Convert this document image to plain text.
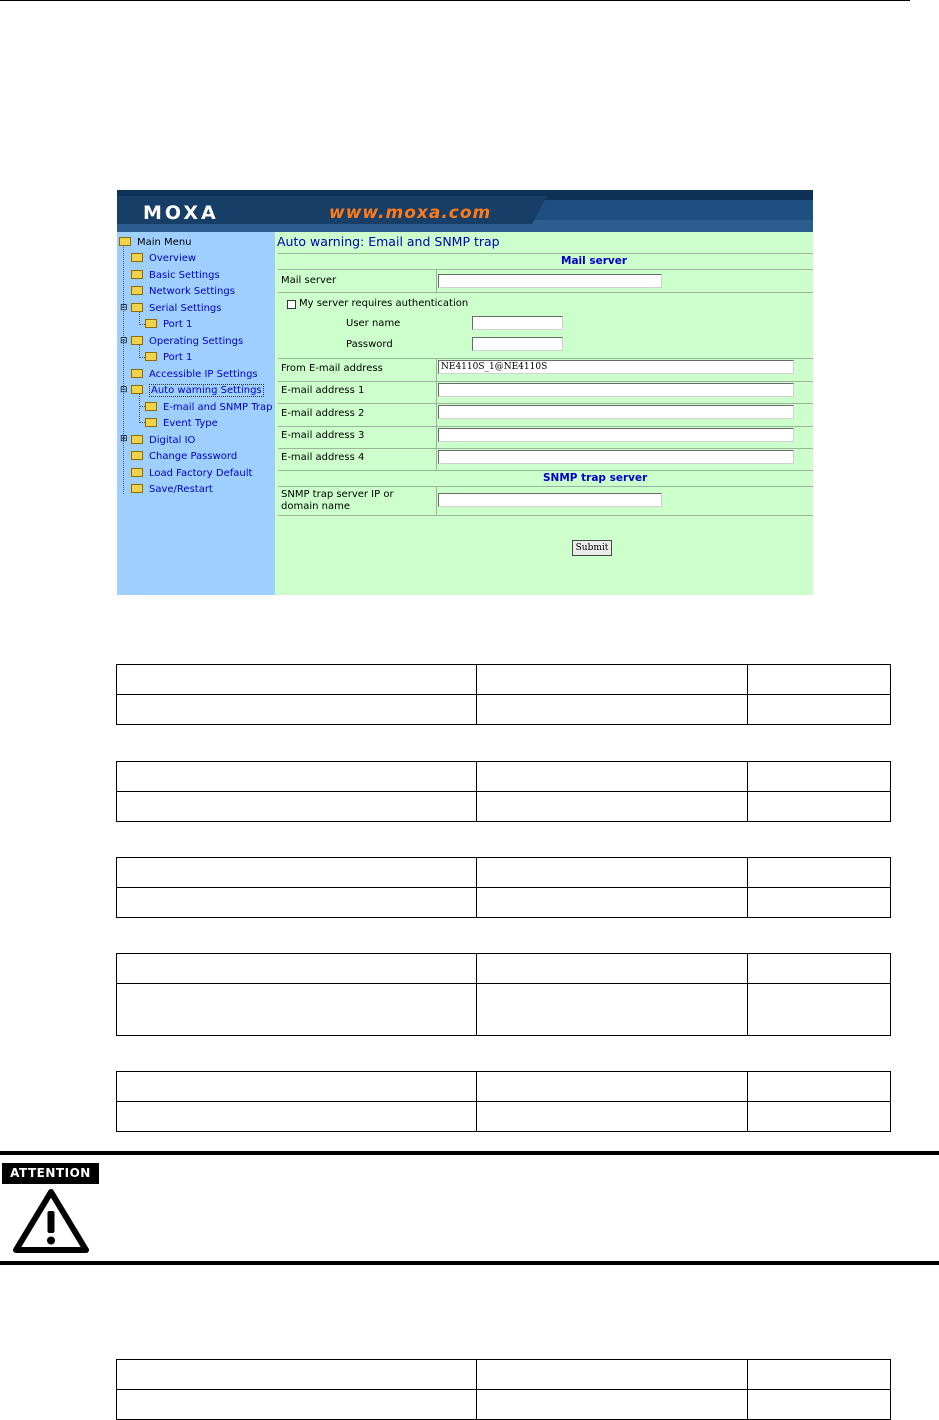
MOXA	www.moxa.com
⊟
⊟
⊟
⊞
Main Menu
Overview
Basic Settings
Network Settings
Serial Settings
Port 1
Operating Settings
Port 1
Accessible IP Settings
Auto warning Settings
E-mail and SNMP Trap
Event Type
Digital IO
Change Password
Load Factory Default
Save/Restart
Auto warning: Email and SNMP trap
Mail server
Mail server
My server requires authentication
User name
Password
From E-mail address	NE4110S_1@NE4110S
E-mail address 1
E-mail address 2
E-mail address 3
E-mail address 4
SNMP trap server
SNMP trap server IP or
domain name
Submit

ATTENTION
